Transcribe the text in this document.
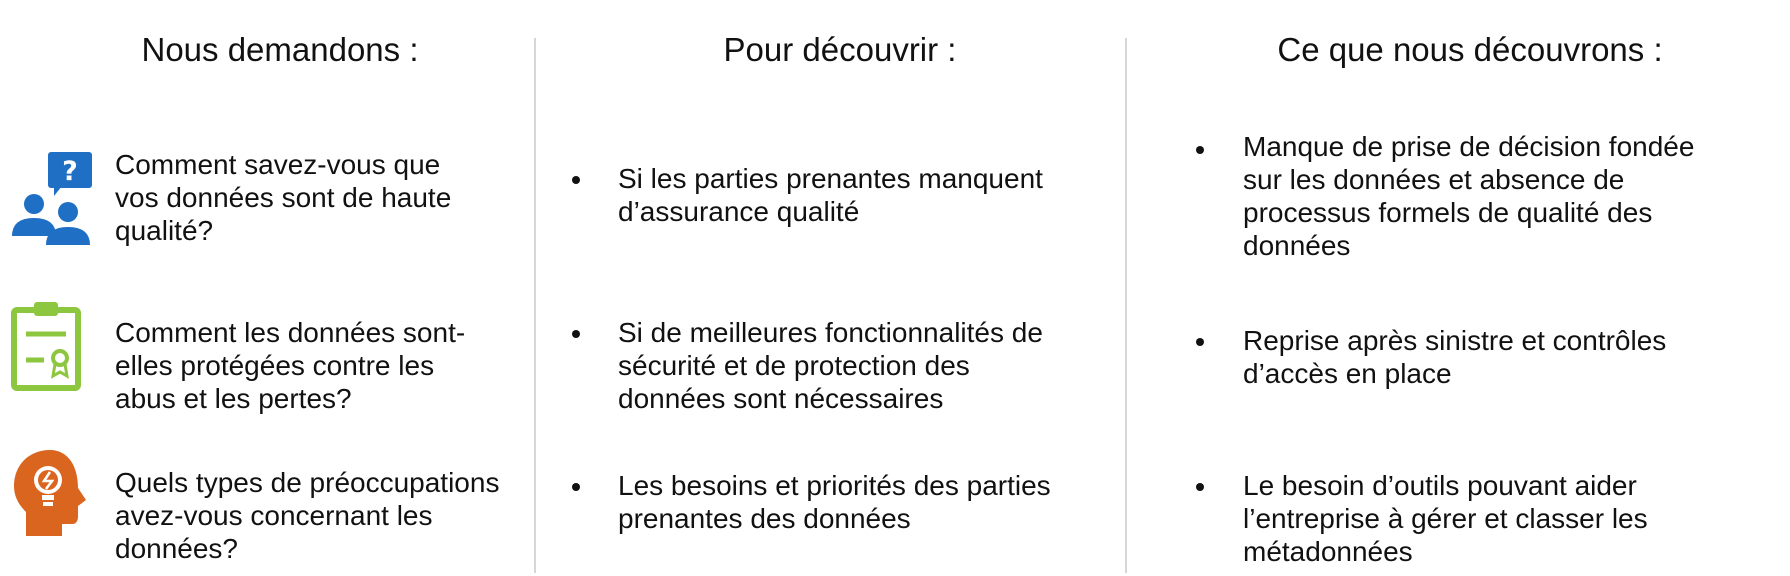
Nous demandons :	Pour découvrir :	Ce que nous découvrons :
? Comment savez-vous que
vos données sont de haute
qualité?
Si les parties prenantes manquent
d’assurance qualité
Manque de prise de décision fondée
sur les données et absence de
processus formels de qualité des
données
Comment les données sont-
elles protégées contre les
abus et les pertes?
Si de meilleures fonctionnalités de
sécurité et de protection des
données sont nécessaires
Reprise après sinistre et contrôles
d’accès en place
Quels types de préoccupations
avez-vous concernant les
données?
Les besoins et priorités des parties
prenantes des données
Le besoin d’outils pouvant aider
l’entreprise à gérer et classer les
métadonnées
